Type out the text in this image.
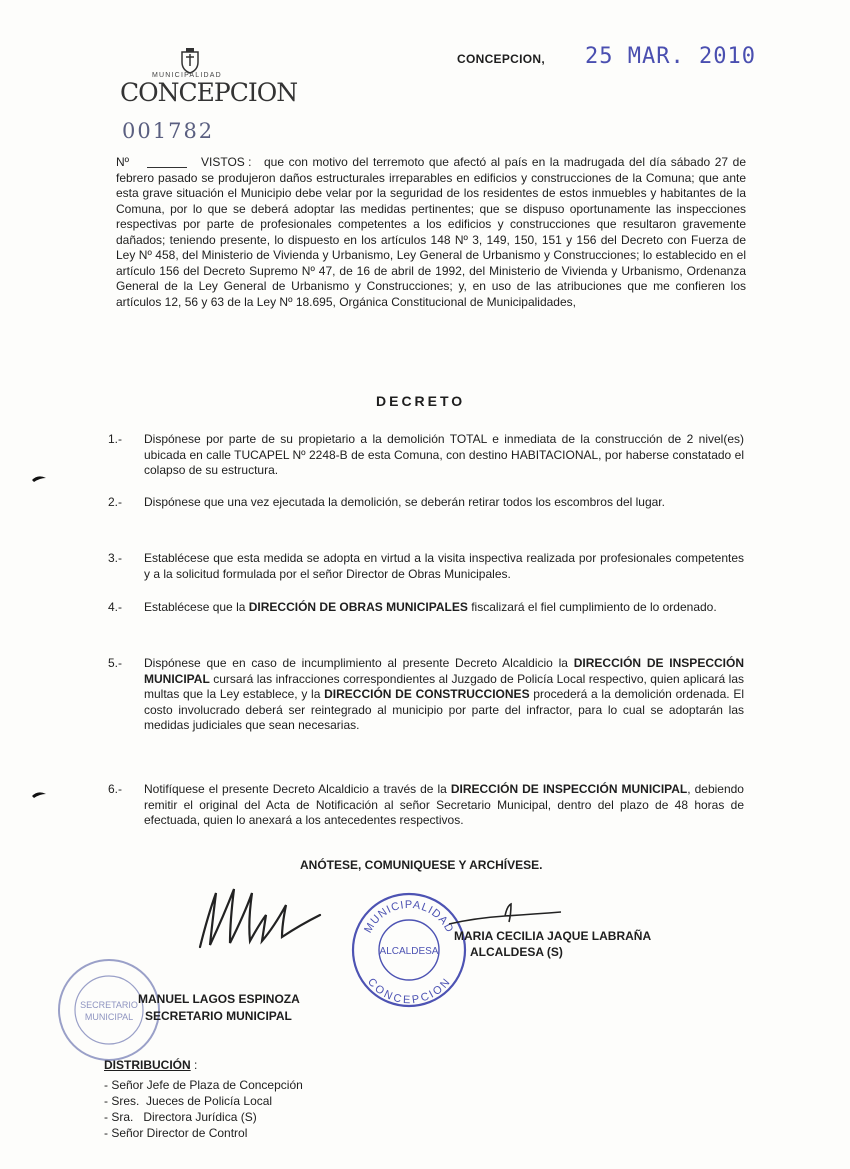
CONCEPCION, 25 MAR. 2010
MUNICIPALIDAD
CONCEPCION
001782
Nº	VISTOS :	que con motivo del terremoto que afectó al país en la madrugada del día sábado 27 de febrero pasado se produjeron daños estructurales irreparables en edificios y construcciones de la Comuna; que ante esta grave situación el Municipio debe velar por la seguridad de los residentes de estos inmuebles y habitantes de la Comuna, por lo que se deberá adoptar las medidas pertinentes; que se dispuso oportunamente las inspecciones respectivas por parte de profesionales competentes a los edificios y construcciones que resultaron gravemente dañados; teniendo presente, lo dispuesto en los artículos 148 Nº 3, 149, 150, 151 y 156 del Decreto con Fuerza de Ley Nº 458, del Ministerio de Vivienda y Urbanismo, Ley General de Urbanismo y Construcciones; lo establecido en el artículo 156 del Decreto Supremo Nº 47, de 16 de abril de 1992, del Ministerio de Vivienda y Urbanismo, Ordenanza General de la Ley General de Urbanismo y Construcciones; y, en uso de las atribuciones que me confieren los artículos 12, 56 y 63 de la Ley Nº 18.695, Orgánica Constitucional de Municipalidades,
DECRETO
1.-	Dispónese por parte de su propietario a la demolición TOTAL e inmediata de la construcción de 2 nivel(es) ubicada en calle TUCAPEL Nº 2248-B de esta Comuna, con destino HABITACIONAL, por haberse constatado el colapso de su estructura.
2.-	Dispónese que una vez ejecutada la demolición, se deberán retirar todos los escombros del lugar.
3.-	Establécese que esta medida se adopta en virtud a la visita inspectiva realizada por profesionales competentes y a la solicitud formulada por el señor Director de Obras Municipales.
4.-	Establécese que la DIRECCIÓN DE OBRAS MUNICIPALES fiscalizará el fiel cumplimiento de lo ordenado.
5.-	Dispónese que en caso de incumplimiento al presente Decreto Alcaldicio la DIRECCIÓN DE INSPECCIÓN MUNICIPAL cursará las infracciones correspondientes al Juzgado de Policía Local respectivo, quien aplicará las multas que la Ley establece, y la DIRECCIÓN DE CONSTRUCCIONES procederá a la demolición ordenada. El costo involucrado deberá ser reintegrado al municipio por parte del infractor, para lo cual se adoptarán las medidas judiciales que sean necesarias.
6.-	Notifíquese el presente Decreto Alcaldicio a través de la DIRECCIÓN DE INSPECCIÓN MUNICIPAL, debiendo remitir el original del Acta de Notificación al señor Secretario Municipal, dentro del plazo de 48 horas de efectuada, quien lo anexará a los antecedentes respectivos.
ANÓTESE, COMUNIQUESE Y ARCHÍVESE.
SECRETARIO
MUNICIPAL
MUNICIPALIDAD
ALCALDESA
CONCEPCION
MANUEL LAGOS ESPINOZA
SECRETARIO MUNICIPAL
MARIA CECILIA JAQUE LABRAÑA
ALCALDESA (S)
DISTRIBUCIÓN :
- Señor Jefe de Plaza de Concepción
- Sres.  Jueces de Policía Local
- Sra.   Directora Jurídica (S)
- Señor Director de Control
